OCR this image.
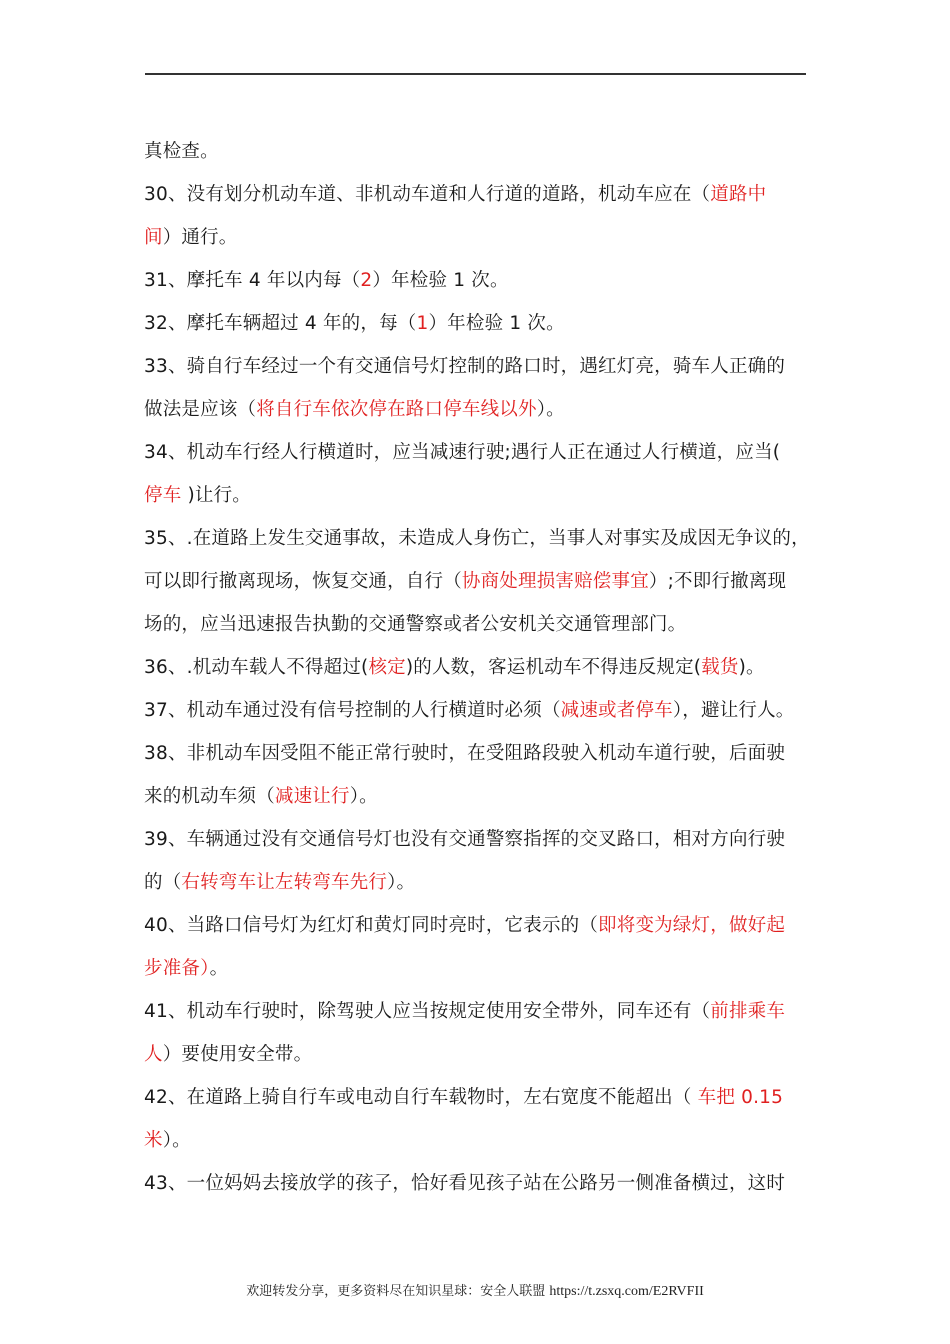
真检查。
30、没有划分机动车道、非机动车道和人行道的道路，机动车应在（道路中
间）通行。
31、摩托车 4 年以内每（2）年检验 1 次。
32、摩托车辆超过 4 年的，每（1）年检验 1 次。
33、骑自行车经过一个有交通信号灯控制的路口时，遇红灯亮，骑车人正确的
做法是应该（将自行车依次停在路口停车线以外）。
34、机动车行经人行横道时，应当减速行驶;遇行人正在通过人行横道，应当(
停车 )让行。
35、.在道路上发生交通事故，未造成人身伤亡，当事人对事实及成因无争议的，
可以即行撤离现场，恢复交通，自行（协商处理损害赔偿事宜）;不即行撤离现
场的，应当迅速报告执勤的交通警察或者公安机关交通管理部门。
36、.机动车载人不得超过(核定)的人数，客运机动车不得违反规定(载货)。
37、机动车通过没有信号控制的人行横道时必须（减速或者停车），避让行人。
38、非机动车因受阻不能正常行驶时，在受阻路段驶入机动车道行驶，后面驶
来的机动车须（减速让行）。
39、车辆通过没有交通信号灯也没有交通警察指挥的交叉路口，相对方向行驶
的（右转弯车让左转弯车先行）。
40、当路口信号灯为红灯和黄灯同时亮时，它表示的（即将变为绿灯，做好起
步准备）。
41、机动车行驶时，除驾驶人应当按规定使用安全带外，同车还有（前排乘车
人）要使用安全带。
42、在道路上骑自行车或电动自行车载物时，左右宽度不能超出（ 车把 0.15
米）。
43、一位妈妈去接放学的孩子，恰好看见孩子站在公路另一侧准备横过，这时
欢迎转发分享，更多资料尽在知识星球：安全人联盟 https://t.zsxq.com/E2RVFII
